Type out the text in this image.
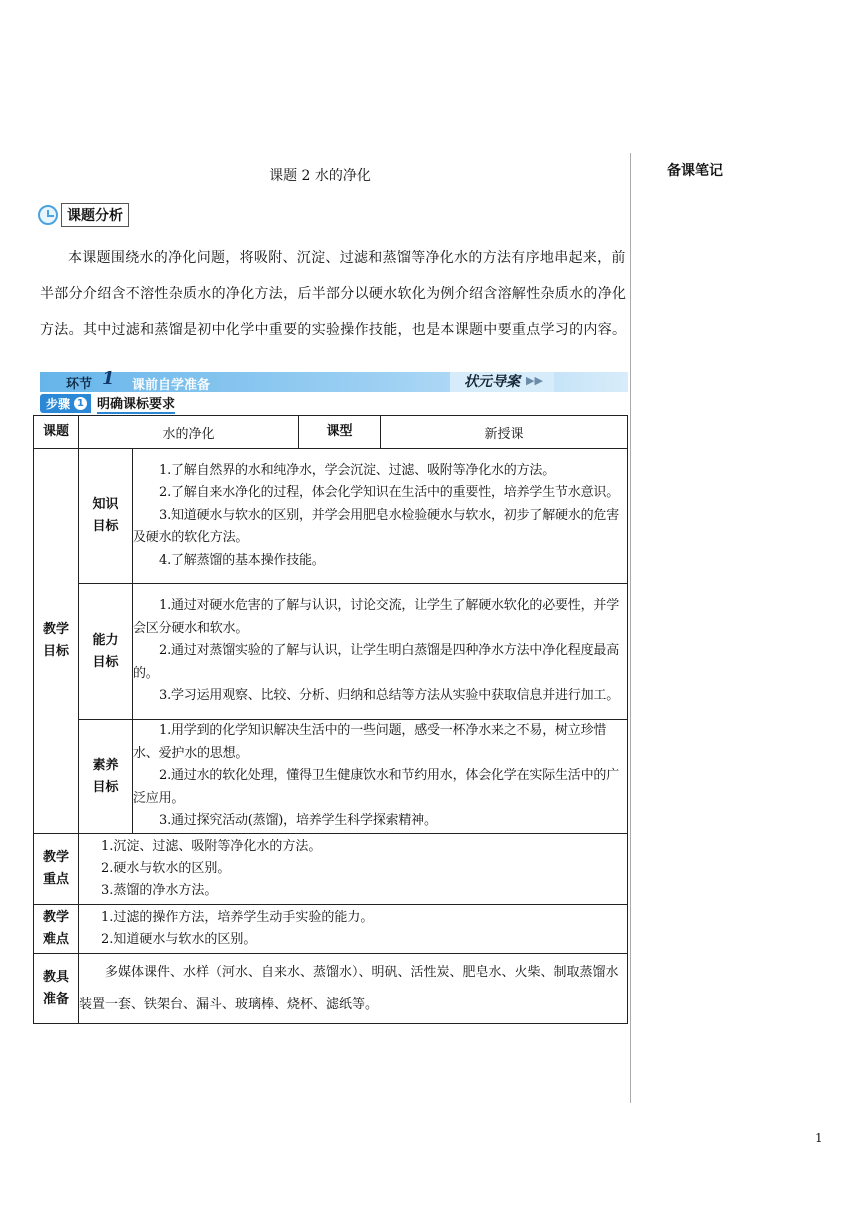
课题 2 水的净化	备课笔记
课题分析
本课题围绕水的净化问题，将吸附、沉淀、过滤和蒸馏等净化水的方法有序地串起来，前半部分介绍含不溶性杂质水的净化方法，后半部分以硬水软化为例介绍含溶解性杂质水的净化方法。其中过滤和蒸馏是初中化学中重要的实验操作技能，也是本课题中要重点学习的内容。
环节 1 课前自学准备	状元导案 ▶▶
步骤 1 明确课标要求
课题	水的净化		课型	新授课
教学目标	知识目标	1.了解自然界的水和纯净水，学会沉淀、过滤、吸附等净化水的方法。

2.了解自来水净化的过程，体会化学知识在生活中的重要性，培养学生节水意识。

3.知道硬水与软水的区别，并学会用肥皂水检验硬水与软水，初步了解硬水的危害及硬水的软化方法。

4.了解蒸馏的基本操作技能。		

	能力目标	1.通过对硬水危害的了解与认识，讨论交流，让学生了解硬水软化的必要性，并学会区分硬水和软水。

2.通过对蒸馏实验的了解与认识，让学生明白蒸馏是四种净水方法中净化程度最高的。

3.学习运用观察、比较、分析、归纳和总结等方法从实验中获取信息并进行加工。		

	素养目标	1.用学到的化学知识解决生活中的一些问题，感受一杯净水来之不易，树立珍惜水、爱护水的思想。

2.通过水的软化处理，懂得卫生健康饮水和节约用水，体会化学在实际生活中的广泛应用。

3.通过探究活动(蒸馏)，培养学生科学探索精神。		

教学重点	1.沉淀、过滤、吸附等净化水的方法。

2.硬水与软水的区别。

3.蒸馏的净水方法。			

教学难点	1.过滤的操作方法，培养学生动手实验的能力。

2.知道硬水与软水的区别。			

教具准备	多媒体课件、水样（河水、自来水、蒸馏水）、明矾、活性炭、肥皂水、火柴、制取蒸馏水装置一套、铁架台、漏斗、玻璃棒、烧杯、滤纸等。			
1
